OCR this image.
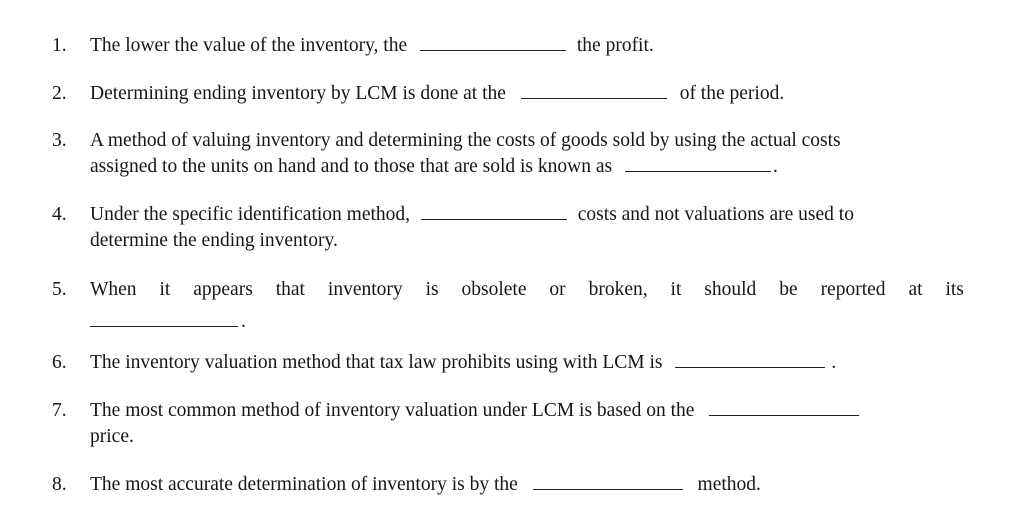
1.	The lower the value of the inventory, the	the profit.
2.	Determining ending inventory by LCM is done at the	of the period.
3.	A method of valuing inventory and determining the costs of goods sold by using the actual costs
assigned to the units on hand and to those that are sold is known as	.
4.	Under the specific identification method,	costs and not valuations are used to
determine the ending inventory.
5.	When it appears that inventory is obsolete or broken, it should be reported at its
.
6.	The inventory valuation method that tax law prohibits using with LCM is	.
7.	The most common method of inventory valuation under LCM is based on the
price.
8.	The most accurate determination of inventory is by the	method.
